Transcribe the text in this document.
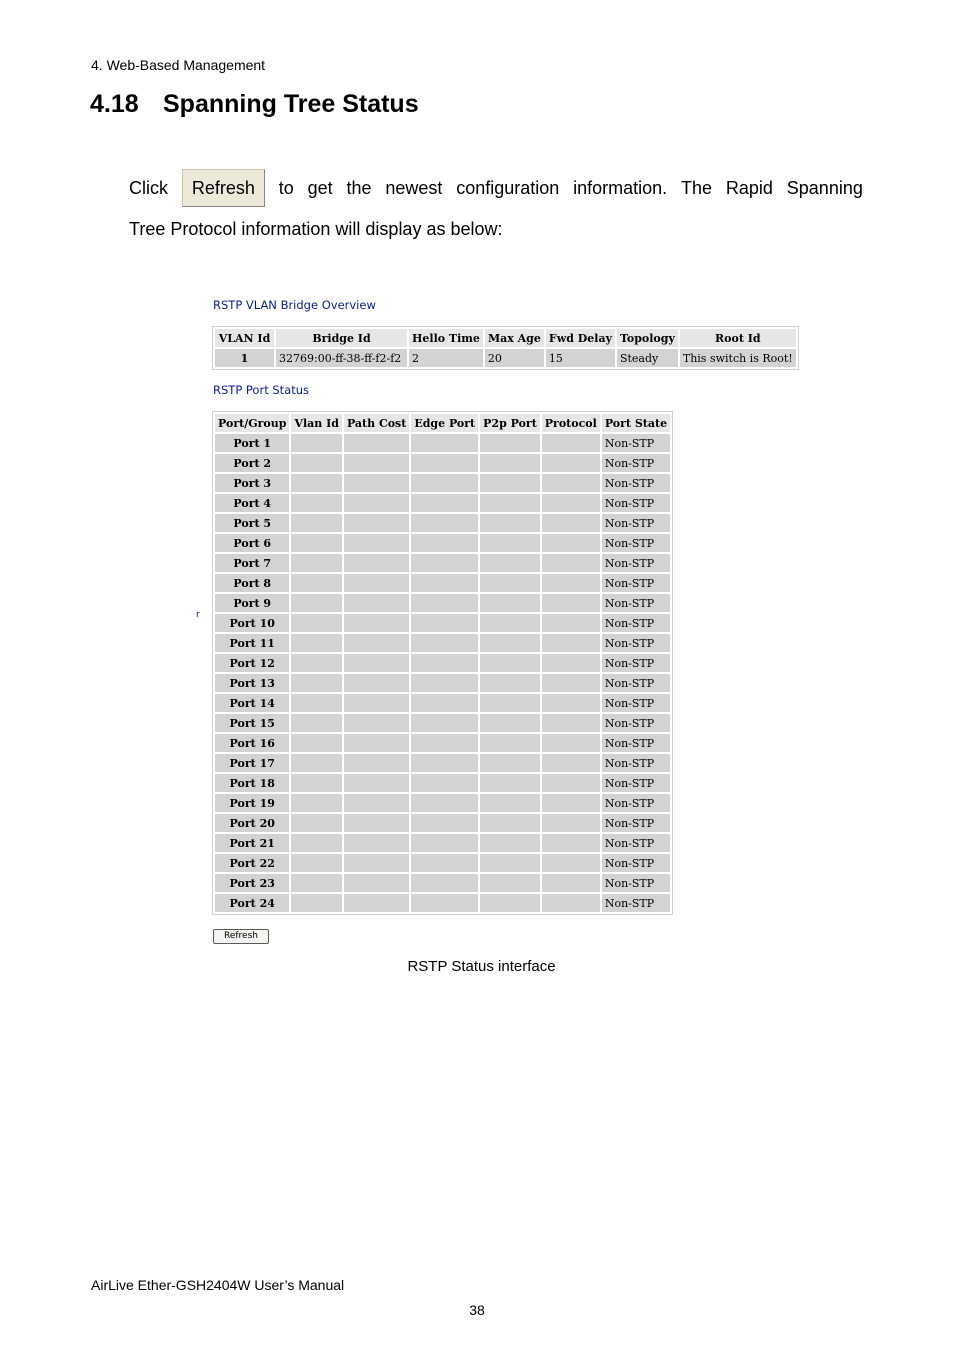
4. Web-Based Management
4.18 Spanning Tree Status
Click	Refresh	to get the newest configuration information. The Rapid Spanning
Tree Protocol information will display as below:
RSTP VLAN Bridge Overview
VLAN Id	Bridge Id	Hello Time	Max Age	Fwd Delay	Topology	Root Id
1	32769:00-ff-38-ff-f2-f2	2	20	15	Steady	This switch is Root!
RSTP Port Status
r
Port/Group	Vlan Id	Path Cost	Edge Port	P2p Port	Protocol	Port State
Port 1						Non-STP
Port 2						Non-STP
Port 3						Non-STP
Port 4						Non-STP
Port 5						Non-STP
Port 6						Non-STP
Port 7						Non-STP
Port 8						Non-STP
Port 9						Non-STP
Port 10						Non-STP
Port 11						Non-STP
Port 12						Non-STP
Port 13						Non-STP
Port 14						Non-STP
Port 15						Non-STP
Port 16						Non-STP
Port 17						Non-STP
Port 18						Non-STP
Port 19						Non-STP
Port 20						Non-STP
Port 21						Non-STP
Port 22						Non-STP
Port 23						Non-STP
Port 24						Non-STP
Refresh
RSTP Status interface
AirLive Ether-GSH2404W User’s Manual
38
